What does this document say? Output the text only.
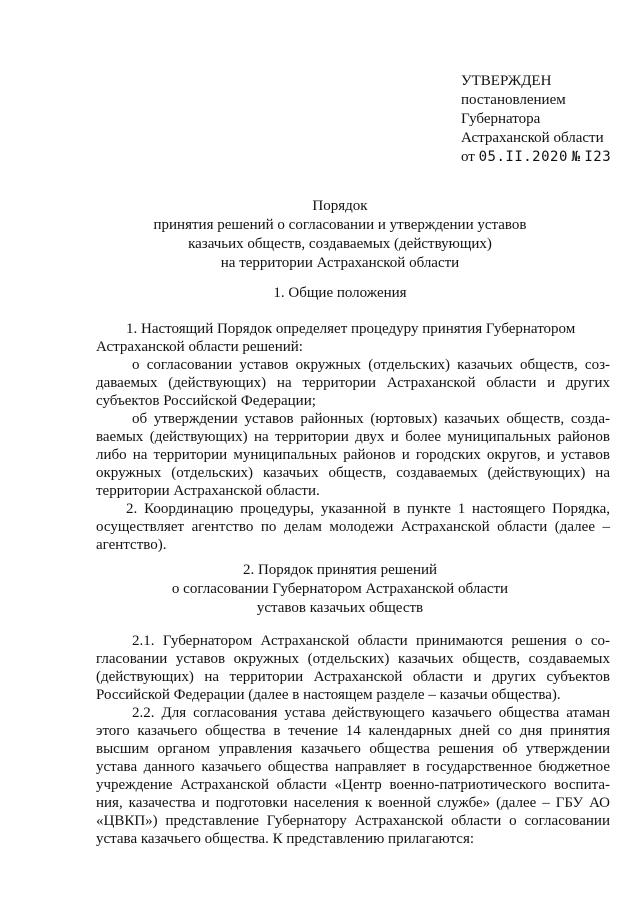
УТВЕРЖДЕН
постановлением
Губернатора
Астраханской области
от 05.II.2020 № I23
Порядок
принятия решений о согласовании и утверждении уставов
казачьих обществ, создаваемых (действующих)
на территории Астраханской области
1. Общие положения
1. Настоящий Порядок определяет процедуру принятия Губернатором
Астраханской области решений:
о согласовании уставов окружных (отдельских) казачьих обществ, соз-
даваемых (действующих) на территории Астраханской области и других
субъектов Российской Федерации;
об утверждении уставов районных (юртовых) казачьих обществ, созда-
ваемых (действующих) на территории двух и более муниципальных районов
либо на территории муниципальных районов и городских округов, и уставов
окружных (отдельских) казачьих обществ, создаваемых (действующих) на
территории Астраханской области.
2. Координацию процедуры, указанной в пункте 1 настоящего Порядка,
осуществляет агентство по делам молодежи Астраханской области (далее –
агентство).
2. Порядок принятия решений
о согласовании Губернатором Астраханской области
уставов казачьих обществ
2.1. Губернатором Астраханской области принимаются решения о со-
гласовании уставов окружных (отдельских) казачьих обществ, создаваемых
(действующих) на территории Астраханской области и других субъектов
Российской Федерации (далее в настоящем разделе – казачьи общества).
2.2. Для согласования устава действующего казачьего общества атаман
этого казачьего общества в течение 14 календарных дней со дня принятия
высшим органом управления казачьего общества решения об утверждении
устава данного казачьего общества направляет в государственное бюджетное
учреждение Астраханской области «Центр военно-патриотического воспита-
ния, казачества и подготовки населения к военной службе» (далее – ГБУ АО
«ЦВКП») представление Губернатору Астраханской области о согласовании
устава казачьего общества. К представлению прилагаются:
